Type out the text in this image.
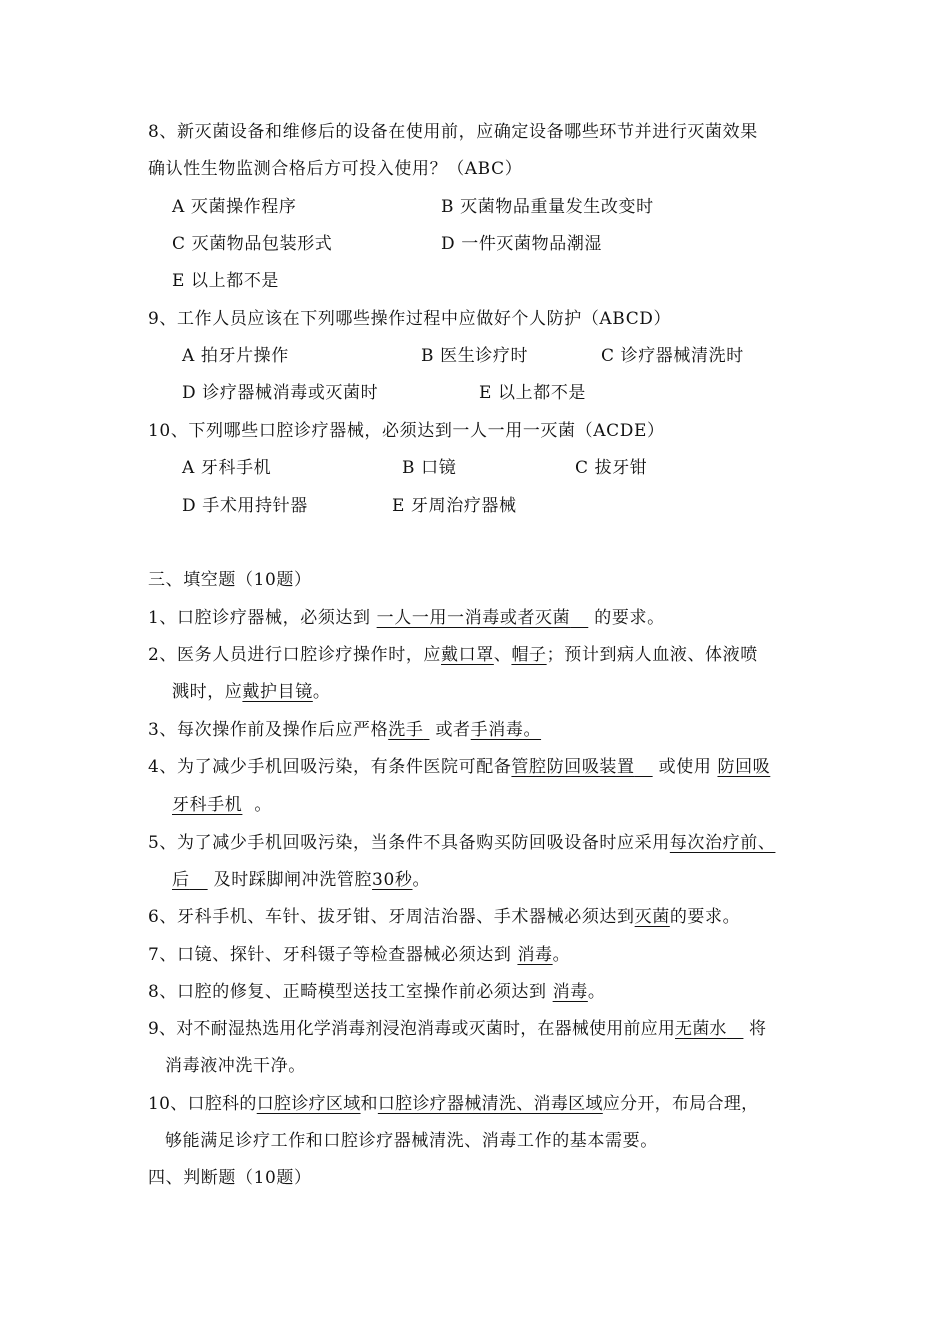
8、新灭菌设备和维修后的设备在使用前，应确定设备哪些环节并进行灭菌效果
确认性生物监测合格后方可投入使用？（ABC）
A 灭菌操作程序	B 灭菌物品重量发生改变时
C 灭菌物品包装形式	D 一件灭菌物品潮湿
E 以上都不是
9、工作人员应该在下列哪些操作过程中应做好个人防护（ABCD）
A 拍牙片操作	B 医生诊疗时	C 诊疗器械清洗时
D 诊疗器械消毒或灭菌时	E 以上都不是
10、下列哪些口腔诊疗器械，必须达到一人一用一灭菌（ACDE）
A 牙科手机	B 口镜	C 拔牙钳
D 手术用持针器	E 牙周治疗器械
三、填空题（10题）
1、口腔诊疗器械，必须达到 一人一用一消毒或者灭菌 的要求。
2、医务人员进行口腔诊疗操作时，应戴口罩、帽子；预计到病人血液、体液喷
溅时，应戴护目镜。
3、每次操作前及操作后应严格洗手 或者手消毒。
4、为了减少手机回吸污染，有条件医院可配备管腔防回吸装置 或使用 防回吸
牙科手机 。
5、为了减少手机回吸污染，当条件不具备购买防回吸设备时应采用每次治疗前、
后 及时踩脚闸冲洗管腔30秒。
6、牙科手机、车针、拔牙钳、牙周洁治器、手术器械必须达到灭菌的要求。
7、口镜、探针、牙科镊子等检查器械必须达到 消毒。
8、口腔的修复、正畸模型送技工室操作前必须达到 消毒。
9、对不耐湿热选用化学消毒剂浸泡消毒或灭菌时，在器械使用前应用无菌水 将
消毒液冲洗干净。
10、口腔科的口腔诊疗区域和口腔诊疗器械清洗、消毒区域应分开，布局合理，
够能满足诊疗工作和口腔诊疗器械清洗、消毒工作的基本需要。
四、判断题（10题）
